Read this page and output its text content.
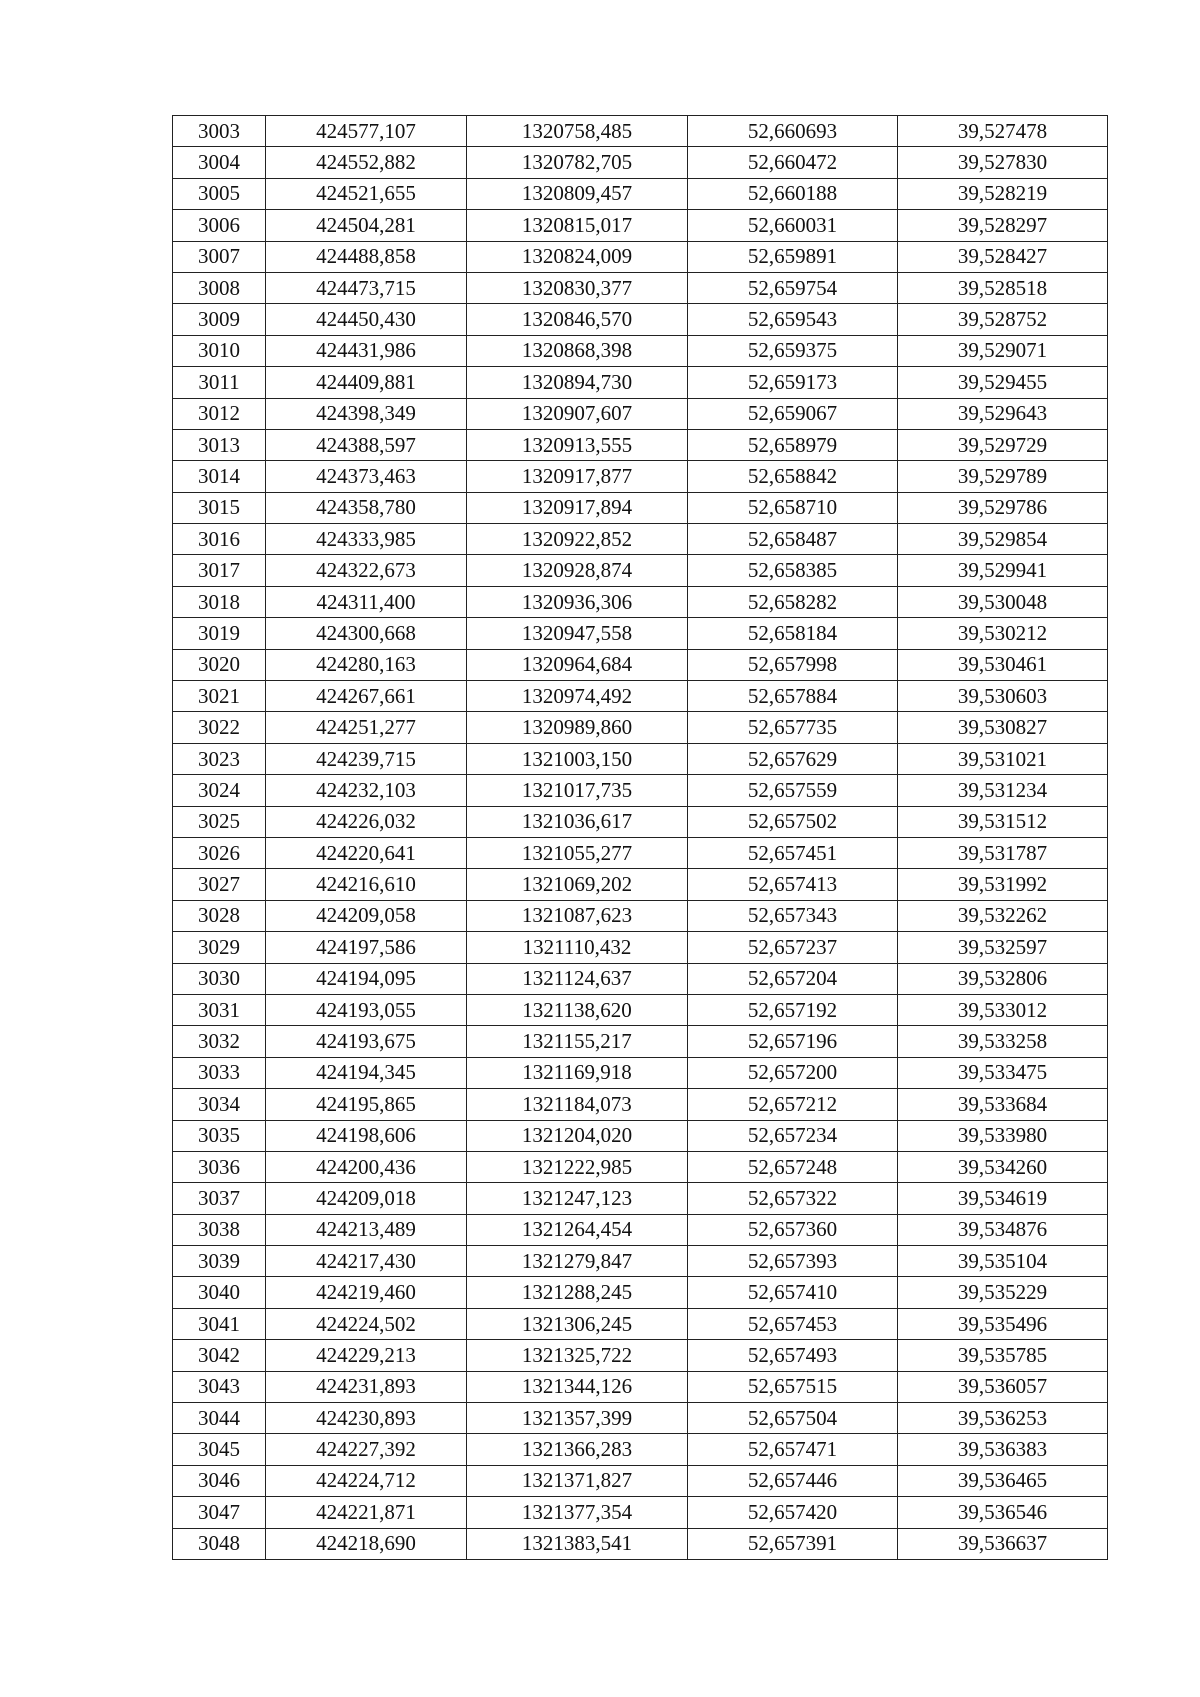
3003	424577,107	1320758,485	52,660693	39,527478
3004	424552,882	1320782,705	52,660472	39,527830
3005	424521,655	1320809,457	52,660188	39,528219
3006	424504,281	1320815,017	52,660031	39,528297
3007	424488,858	1320824,009	52,659891	39,528427
3008	424473,715	1320830,377	52,659754	39,528518
3009	424450,430	1320846,570	52,659543	39,528752
3010	424431,986	1320868,398	52,659375	39,529071
3011	424409,881	1320894,730	52,659173	39,529455
3012	424398,349	1320907,607	52,659067	39,529643
3013	424388,597	1320913,555	52,658979	39,529729
3014	424373,463	1320917,877	52,658842	39,529789
3015	424358,780	1320917,894	52,658710	39,529786
3016	424333,985	1320922,852	52,658487	39,529854
3017	424322,673	1320928,874	52,658385	39,529941
3018	424311,400	1320936,306	52,658282	39,530048
3019	424300,668	1320947,558	52,658184	39,530212
3020	424280,163	1320964,684	52,657998	39,530461
3021	424267,661	1320974,492	52,657884	39,530603
3022	424251,277	1320989,860	52,657735	39,530827
3023	424239,715	1321003,150	52,657629	39,531021
3024	424232,103	1321017,735	52,657559	39,531234
3025	424226,032	1321036,617	52,657502	39,531512
3026	424220,641	1321055,277	52,657451	39,531787
3027	424216,610	1321069,202	52,657413	39,531992
3028	424209,058	1321087,623	52,657343	39,532262
3029	424197,586	1321110,432	52,657237	39,532597
3030	424194,095	1321124,637	52,657204	39,532806
3031	424193,055	1321138,620	52,657192	39,533012
3032	424193,675	1321155,217	52,657196	39,533258
3033	424194,345	1321169,918	52,657200	39,533475
3034	424195,865	1321184,073	52,657212	39,533684
3035	424198,606	1321204,020	52,657234	39,533980
3036	424200,436	1321222,985	52,657248	39,534260
3037	424209,018	1321247,123	52,657322	39,534619
3038	424213,489	1321264,454	52,657360	39,534876
3039	424217,430	1321279,847	52,657393	39,535104
3040	424219,460	1321288,245	52,657410	39,535229
3041	424224,502	1321306,245	52,657453	39,535496
3042	424229,213	1321325,722	52,657493	39,535785
3043	424231,893	1321344,126	52,657515	39,536057
3044	424230,893	1321357,399	52,657504	39,536253
3045	424227,392	1321366,283	52,657471	39,536383
3046	424224,712	1321371,827	52,657446	39,536465
3047	424221,871	1321377,354	52,657420	39,536546
3048	424218,690	1321383,541	52,657391	39,536637
